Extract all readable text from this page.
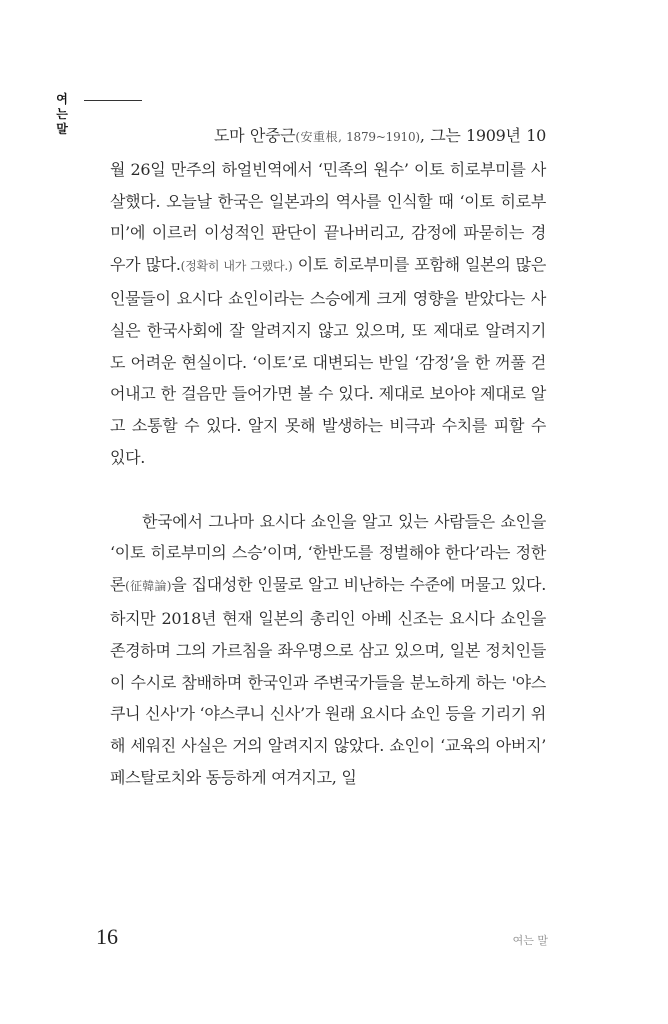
여는 말	도마 안중근(安重根, 1879~1910), 그는 1909년 10월 26일 만주의 하얼빈역에서 ‘민족의 원수’ 이토 히로부미를 사살했다. 오늘날 한국은 일본과의 역사를 인식할 때 ‘이토 히로부미’에 이르러 이성적인 판단이 끝나버리고, 감정에 파묻히는 경우가 많다.(정확히 내가 그랬다.) 이토 히로부미를 포함해 일본의 많은 인물들이 요시다 쇼인이라는 스승에게 크게 영향을 받았다는 사실은 한국사회에 잘 알려지지 않고 있으며, 또 제대로 알려지기도 어려운 현실이다. ‘이토’로 대변되는 반일 ‘감정’을 한 꺼풀 걷어내고 한 걸음만 들어가면 볼 수 있다. 제대로 보아야 제대로 알고 소통할 수 있다. 알지 못해 발생하는 비극과 수치를 피할 수 있다.

한국에서 그나마 요시다 쇼인을 알고 있는 사람들은 쇼인을 ‘이토 히로부미의 스승’이며, ‘한반도를 정벌해야 한다’라는 정한론(征韓論)을 집대성한 인물로 알고 비난하는 수준에 머물고 있다. 하지만 2018년 현재 일본의 총리인 아베 신조는 요시다 쇼인을 존경하며 그의 가르침을 좌우명으로 삼고 있으며, 일본 정치인들이 수시로 참배하며 한국인과 주변국가들을 분노하게 하는 '야스쿠니 신사'가 ‘야스쿠니 신사’가 원래 요시다 쇼인 등을 기리기 위해 세워진 사실은 거의 알려지지 않았다. 쇼인이 ‘교육의 아버지’ 페스탈로치와 동등하게 여겨지고, 일

16	여는 말
